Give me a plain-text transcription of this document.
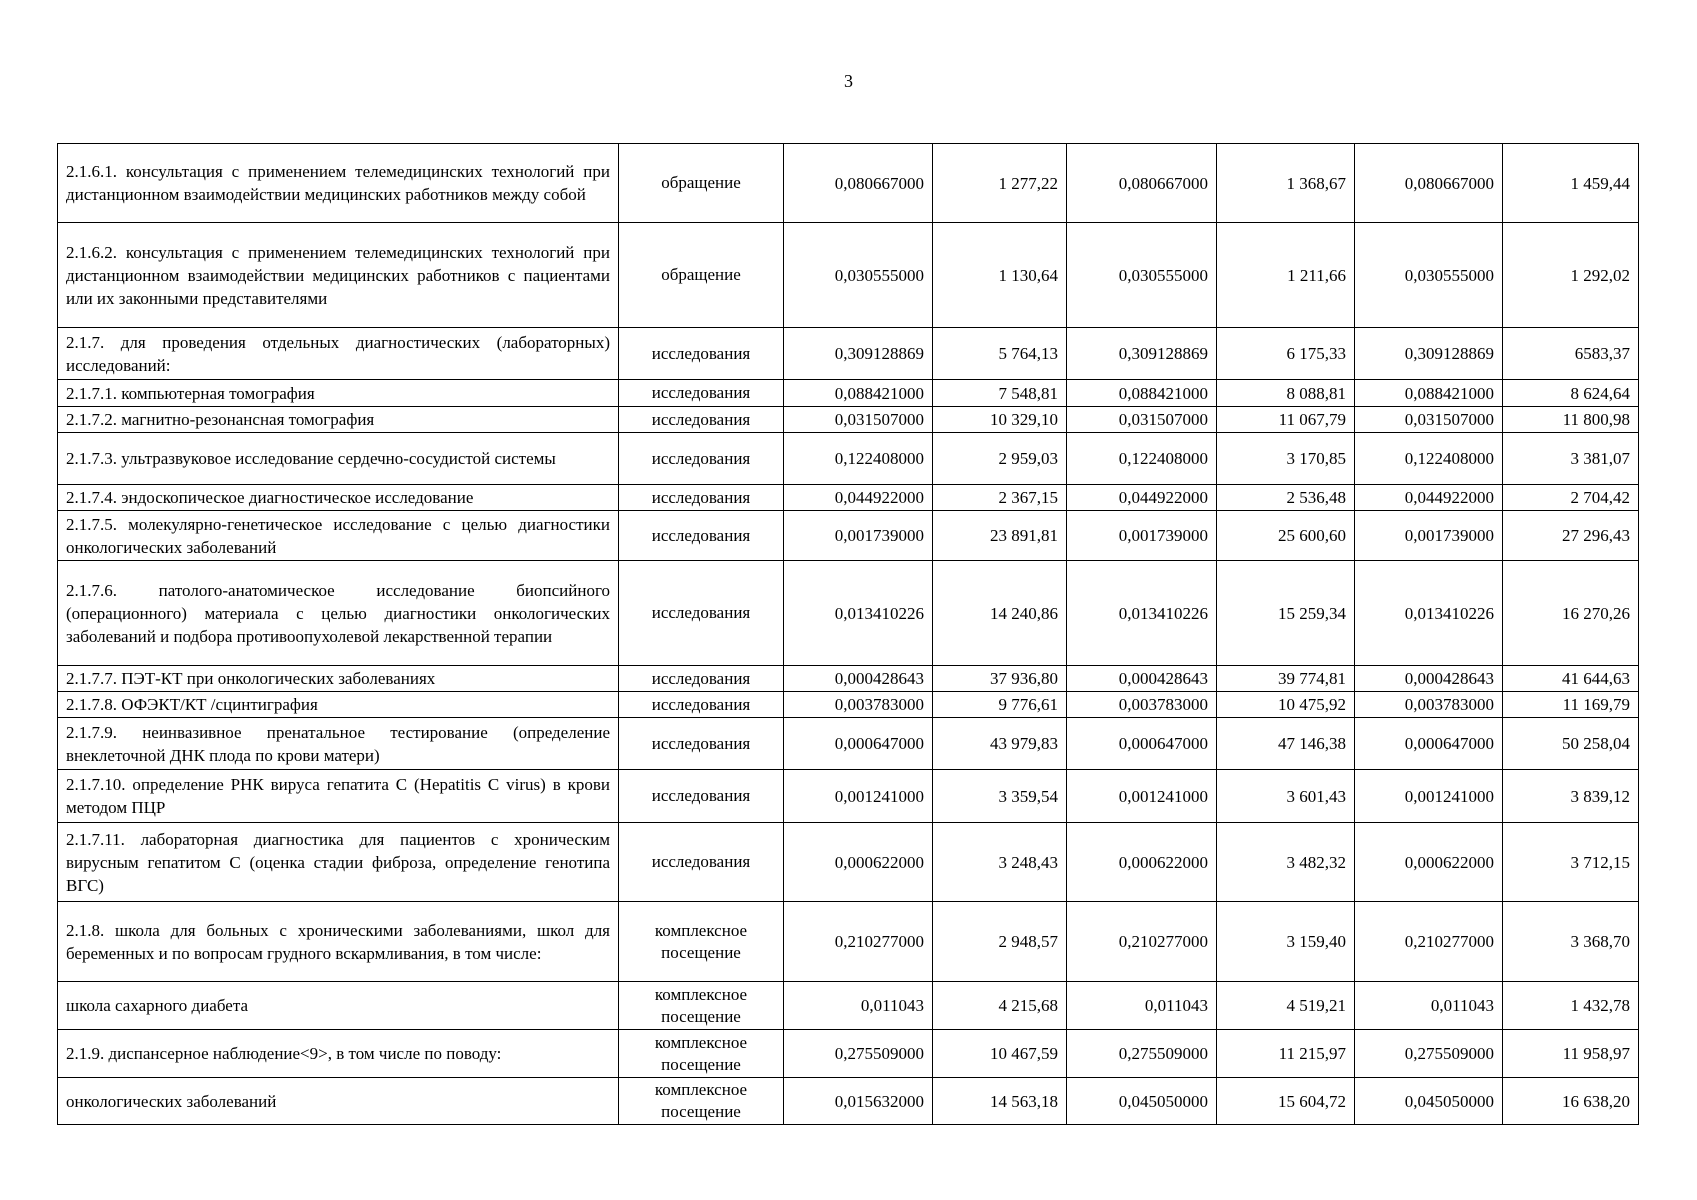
3
2.1.6.1. консультация с применением телемедицинских технологий при дистанционном взаимодействии медицинских работников между собой	обращение	0,080667000	1 277,22	0,080667000	1 368,67	0,080667000	1 459,44
2.1.6.2. консультация с применением телемедицинских технологий при дистанционном взаимодействии медицинских работников с пациентами или их законными представителями	обращение	0,030555000	1 130,64	0,030555000	1 211,66	0,030555000	1 292,02
2.1.7. для проведения отдельных диагностических (лабораторных) исследований:	исследования	0,309128869	5 764,13	0,309128869	6 175,33	0,309128869	6583,37
2.1.7.1. компьютерная томография	исследования	0,088421000	7 548,81	0,088421000	8 088,81	0,088421000	8 624,64
2.1.7.2. магнитно-резонансная томография	исследования	0,031507000	10 329,10	0,031507000	11 067,79	0,031507000	11 800,98
2.1.7.3. ультразвуковое исследование сердечно-сосудистой системы	исследования	0,122408000	2 959,03	0,122408000	3 170,85	0,122408000	3 381,07
2.1.7.4. эндоскопическое диагностическое исследование	исследования	0,044922000	2 367,15	0,044922000	2 536,48	0,044922000	2 704,42
2.1.7.5. молекулярно-генетическое исследование с целью диагностики онкологических заболеваний	исследования	0,001739000	23 891,81	0,001739000	25 600,60	0,001739000	27 296,43
2.1.7.6. патолого-анатомическое исследование биопсийного (операционного) материала с целью диагностики онкологических заболеваний и подбора противоопухолевой лекарственной терапии	исследования	0,013410226	14 240,86	0,013410226	15 259,34	0,013410226	16 270,26
2.1.7.7. ПЭТ-КТ при онкологических заболеваниях	исследования	0,000428643	37 936,80	0,000428643	39 774,81	0,000428643	41 644,63
2.1.7.8. ОФЭКТ/КТ /сцинтиграфия	исследования	0,003783000	9 776,61	0,003783000	10 475,92	0,003783000	11 169,79
2.1.7.9. неинвазивное пренатальное тестирование (определение внеклеточной ДНК плода по крови матери)	исследования	0,000647000	43 979,83	0,000647000	47 146,38	0,000647000	50 258,04
2.1.7.10. определение РНК вируса гепатита С (Hepatitis C virus) в крови методом ПЦР	исследования	0,001241000	3 359,54	0,001241000	3 601,43	0,001241000	3 839,12
2.1.7.11. лабораторная диагностика для пациентов с хроническим вирусным гепатитом С (оценка стадии фиброза, определение генотипа ВГС)	исследования	0,000622000	3 248,43	0,000622000	3 482,32	0,000622000	3 712,15
2.1.8. школа для больных с хроническими заболеваниями, школ для беременных и по вопросам грудного вскармливания, в том числе:	комплексное посещение	0,210277000	2 948,57	0,210277000	3 159,40	0,210277000	3 368,70
школа сахарного диабета	комплексное посещение	0,011043	4 215,68	0,011043	4 519,21	0,011043	1 432,78
2.1.9. диспансерное наблюдение<9>, в том числе по поводу:	комплексное посещение	0,275509000	10 467,59	0,275509000	11 215,97	0,275509000	11 958,97
онкологических заболеваний	комплексное посещение	0,015632000	14 563,18	0,045050000	15 604,72	0,045050000	16 638,20
